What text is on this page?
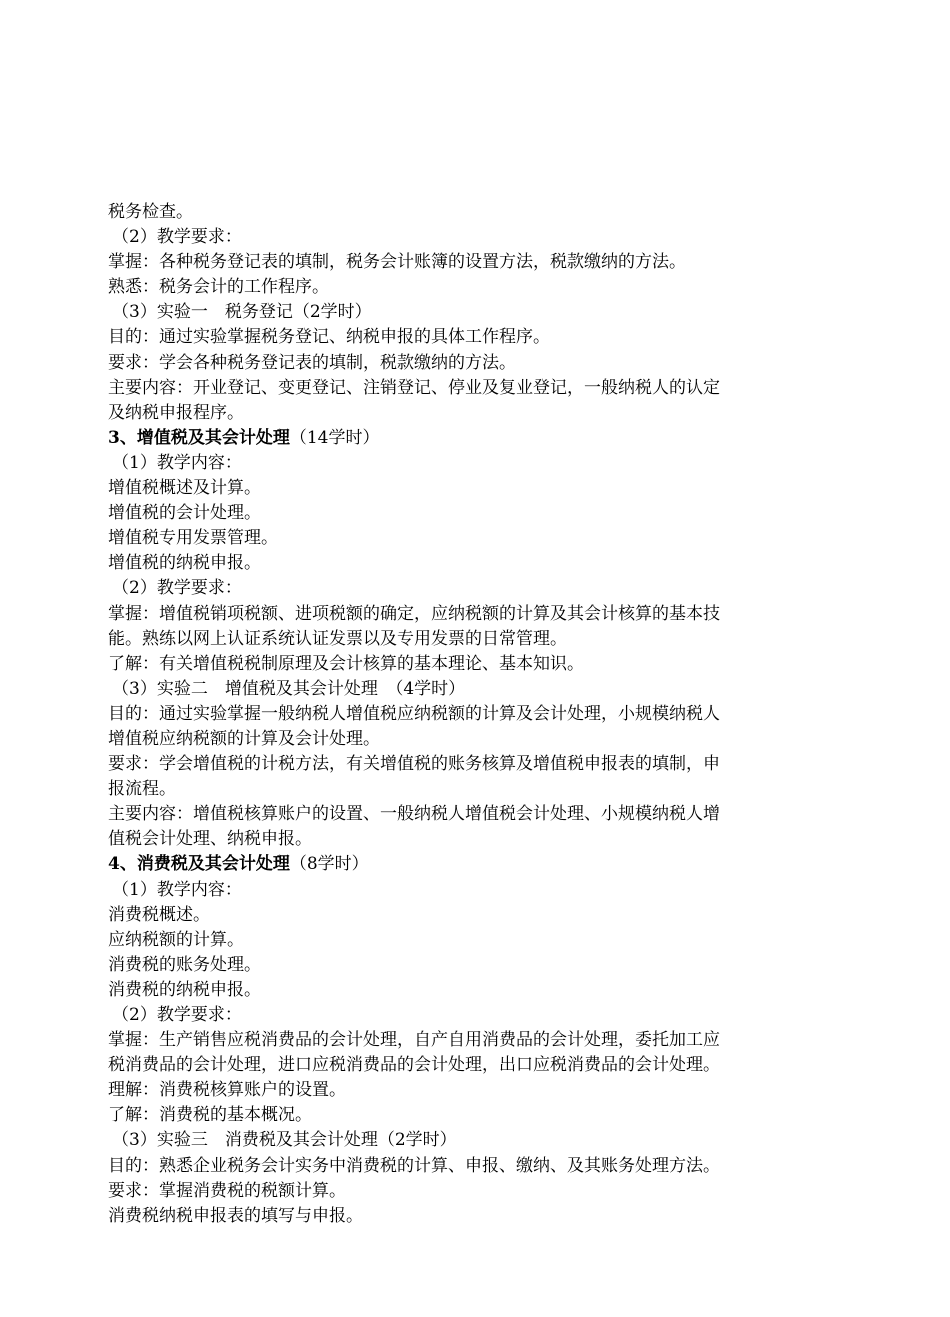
税务检查。
（2）教学要求：
掌握：各种税务登记表的填制，税务会计账簿的设置方法，税款缴纳的方法。
熟悉：税务会计的工作程序。
（3）实验一　税务登记（2学时）
目的：通过实验掌握税务登记、纳税申报的具体工作程序。
要求：学会各种税务登记表的填制，税款缴纳的方法。
主要内容：开业登记、变更登记、注销登记、停业及复业登记，一般纳税人的认定
及纳税申报程序。
3、增值税及其会计处理（14学时）
（1）教学内容：
增值税概述及计算。
增值税的会计处理。
增值税专用发票管理。
增值税的纳税申报。
（2）教学要求：
掌握：增值税销项税额、进项税额的确定，应纳税额的计算及其会计核算的基本技
能。熟练以网上认证系统认证发票以及专用发票的日常管理。
了解：有关增值税税制原理及会计核算的基本理论、基本知识。
（3）实验二　增值税及其会计处理　（4学时）
目的：通过实验掌握一般纳税人增值税应纳税额的计算及会计处理，小规模纳税人
增值税应纳税额的计算及会计处理。
要求：学会增值税的计税方法，有关增值税的账务核算及增值税申报表的填制，申
报流程。
主要内容：增值税核算账户的设置、一般纳税人增值税会计处理、小规模纳税人增
值税会计处理、纳税申报。
4、消费税及其会计处理（8学时）
（1）教学内容：
消费税概述。
应纳税额的计算。
消费税的账务处理。
消费税的纳税申报。
（2）教学要求：
掌握：生产销售应税消费品的会计处理，自产自用消费品的会计处理，委托加工应
税消费品的会计处理，进口应税消费品的会计处理，出口应税消费品的会计处理。
理解：消费税核算账户的设置。
了解：消费税的基本概况。
（3）实验三　消费税及其会计处理（2学时）
目的：熟悉企业税务会计实务中消费税的计算、申报、缴纳、及其账务处理方法。
要求：掌握消费税的税额计算。
消费税纳税申报表的填写与申报。
